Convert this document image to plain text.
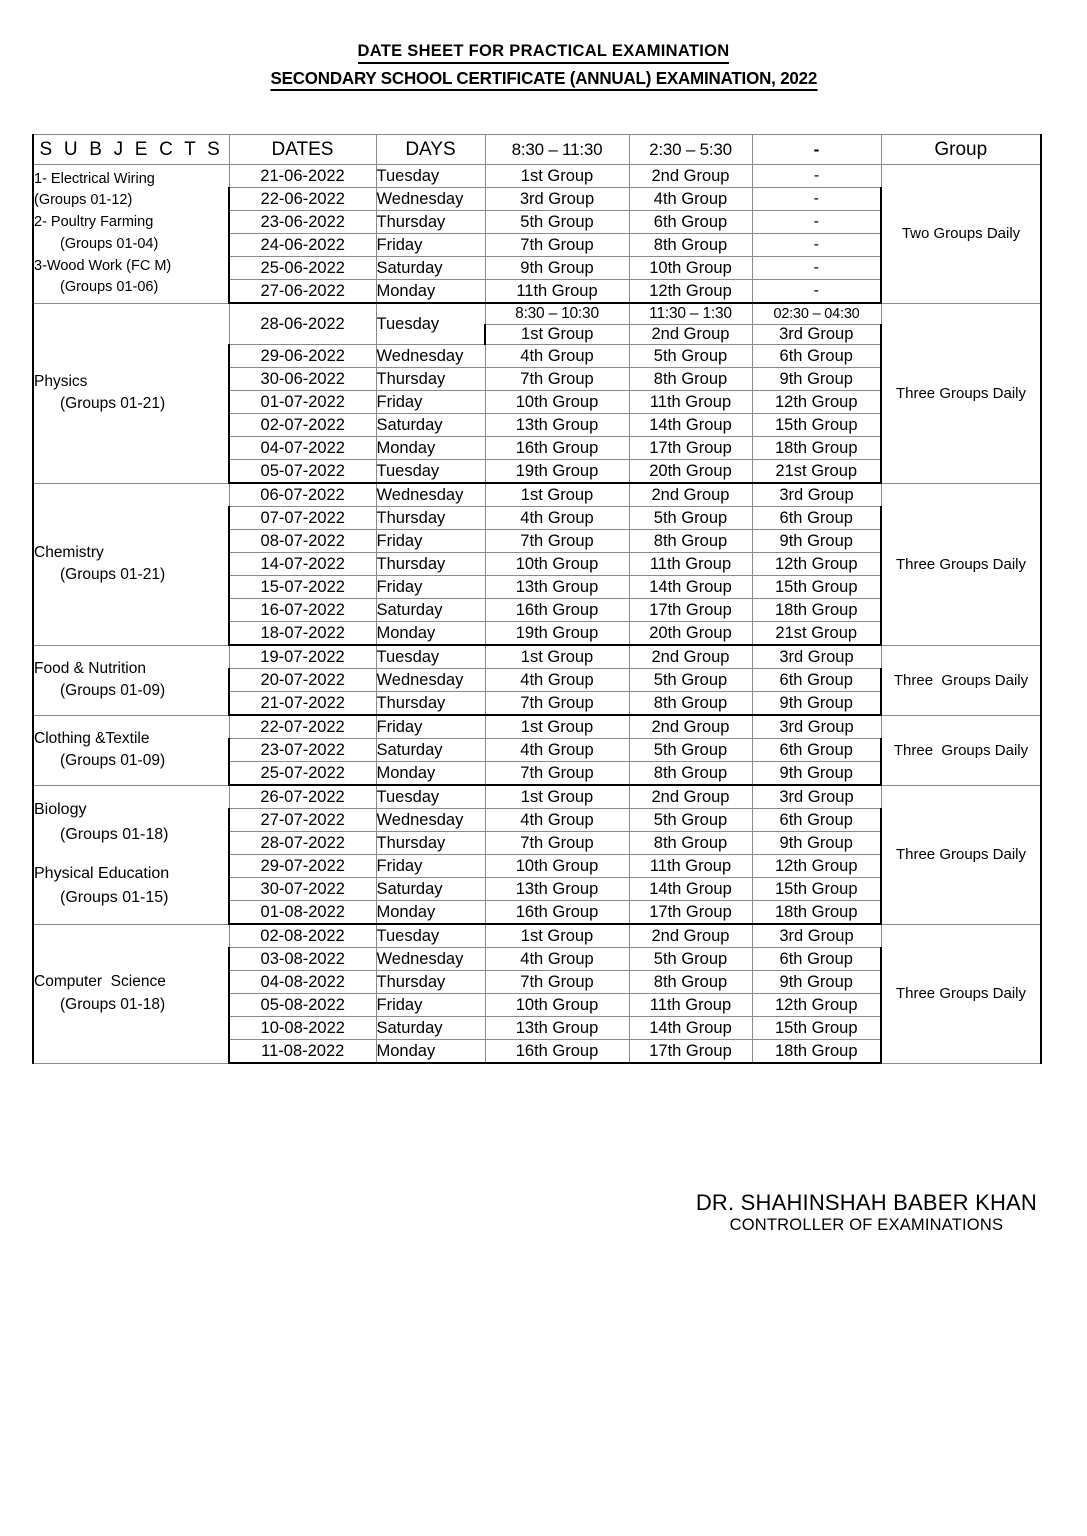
DATE SHEET FOR PRACTICAL EXAMINATION
SECONDARY SCHOOL CERTIFICATE (ANNUAL) EXAMINATION, 2022
S U B J E C T S	DATES	DAYS	8:30 – 11:30	2:30 – 5:30	-	Group

1- Electrical Wiring
(Groups 01-12)
2- Poultry Farming
(Groups 01-04)
3-Wood Work (FC M)
(Groups 01-06)
	21-06-2022	Tuesday	1st Group	2nd Group	-	Two Groups Daily
	22-06-2022	Wednesday	3rd Group	4th Group	-	
	23-06-2022	Thursday	5th Group	6th Group	-	
	24-06-2022	Friday	7th Group	8th Group	-	
	25-06-2022	Saturday	9th Group	10th Group	-	
	27-06-2022	Monday	11th Group	12th Group	-	

Physics
(Groups 01-21)	28-06-2022	Tuesday	8:30 – 10:30	11:30 – 1:30	02:30 – 04:30	Three Groups Daily
			1st Group	2nd Group	3rd Group	
	29-06-2022	Wednesday	4th Group	5th Group	6th Group	
	30-06-2022	Thursday	7th Group	8th Group	9th Group	
	01-07-2022	Friday	10th Group	11th Group	12th Group	
	02-07-2022	Saturday	13th Group	14th Group	15th Group	
	04-07-2022	Monday	16th Group	17th Group	18th Group	
	05-07-2022	Tuesday	19th Group	20th Group	21st Group	

Chemistry
(Groups 01-21)	06-07-2022	Wednesday	1st Group	2nd Group	3rd Group	Three Groups Daily
	07-07-2022	Thursday	4th Group	5th Group	6th Group	
	08-07-2022	Friday	7th Group	8th Group	9th Group	
	14-07-2022	Thursday	10th Group	11th Group	12th Group	
	15-07-2022	Friday	13th Group	14th Group	15th Group	
	16-07-2022	Saturday	16th Group	17th Group	18th Group	
	18-07-2022	Monday	19th Group	20th Group	21st Group	

Food & Nutrition
(Groups 01-09)	19-07-2022	Tuesday	1st Group	2nd Group	3rd Group	Three  Groups Daily
	20-07-2022	Wednesday	4th Group	5th Group	6th Group	
	21-07-2022	Thursday	7th Group	8th Group	9th Group	

Clothing &Textile
(Groups 01-09)	22-07-2022	Friday	1st Group	2nd Group	3rd Group	Three  Groups Daily
	23-07-2022	Saturday	4th Group	5th Group	6th Group	
	25-07-2022	Monday	7th Group	8th Group	9th Group	

Biology
(Groups 01-18)
Physical Education
(Groups 01-15)	26-07-2022	Tuesday	1st Group	2nd Group	3rd Group	Three Groups Daily
	27-07-2022	Wednesday	4th Group	5th Group	6th Group	
	28-07-2022	Thursday	7th Group	8th Group	9th Group	
	29-07-2022	Friday	10th Group	11th Group	12th Group	
	30-07-2022	Saturday	13th Group	14th Group	15th Group	
	01-08-2022	Monday	16th Group	17th Group	18th Group	

Computer  Science
(Groups 01-18)	02-08-2022	Tuesday	1st Group	2nd Group	3rd Group	Three Groups Daily
	03-08-2022	Wednesday	4th Group	5th Group	6th Group	
	04-08-2022	Thursday	7th Group	8th Group	9th Group	
	05-08-2022	Friday	10th Group	11th Group	12th Group	
	10-08-2022	Saturday	13th Group	14th Group	15th Group	
	11-08-2022	Monday	16th Group	17th Group	18th Group	
DR. SHAHINSHAH BABER KHAN
CONTROLLER OF EXAMINATIONS
